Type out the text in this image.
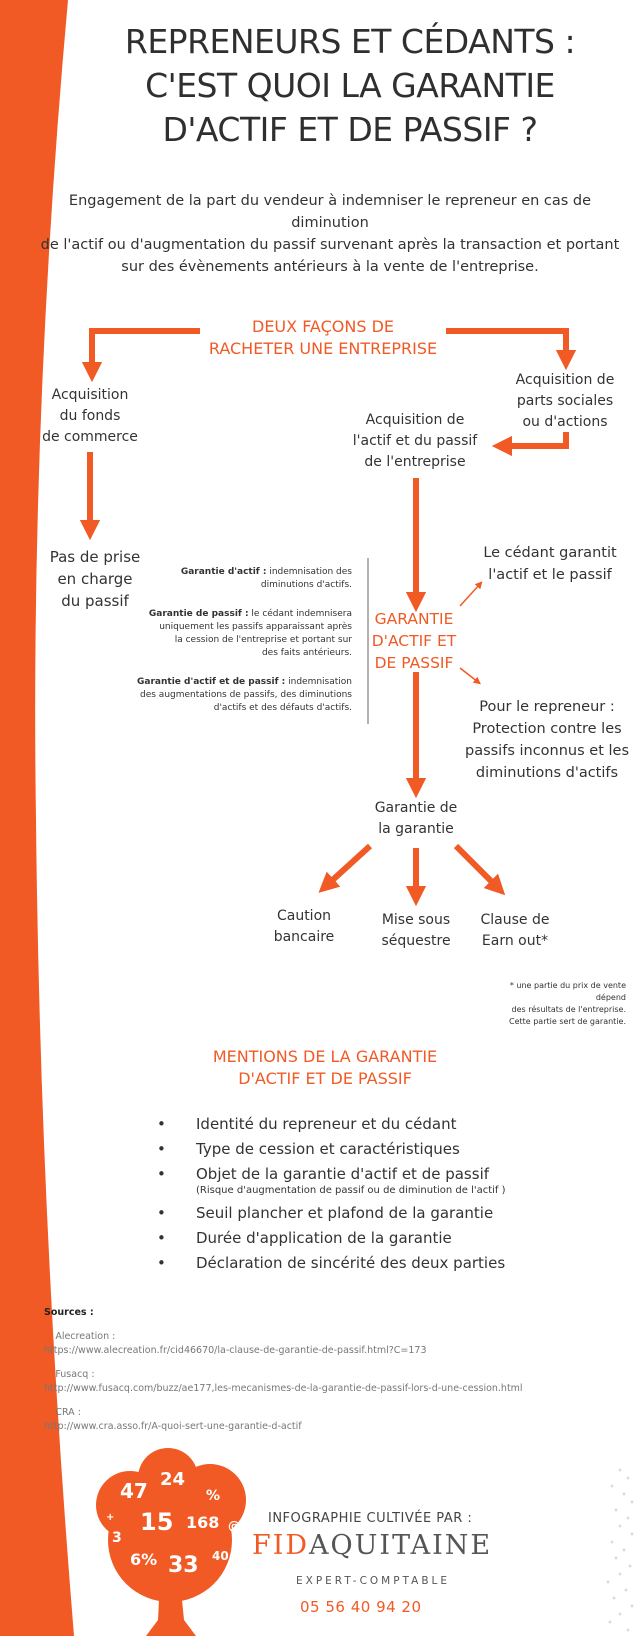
47 24
%
15 168
3
6% 33 40
+
@
REPRENEURS ET CÉDANTS :
C'EST QUOI LA GARANTIE
D'ACTIF ET DE PASSIF ?
Engagement de la part du vendeur à indemniser le repreneur en cas de diminution
de l'actif ou d'augmentation du passif survenant après la transaction et portant
sur des évènements antérieurs à la vente de l'entreprise.
DEUX FAÇONS DE
RACHETER UNE ENTREPRISE
Acquisition
du fonds
de commerce
Acquisition de
parts sociales
ou d'actions
Acquisition de
l'actif et du passif
de l'entreprise
Pas de prise
en charge
du passif
Garantie d'actif : indemnisation des
diminutions d'actifs.
Garantie de passif : le cédant indemnisera
uniquement les passifs apparaissant après
la cession de l'entreprise et portant sur
des faits antérieurs.
Garantie d'actif et de passif : indemnisation
des augmentations de passifs, des diminutions
d'actifs et des défauts d'actifs.
GARANTIE
D'ACTIF ET
DE PASSIF
Le cédant garantit
l'actif et le passif
Pour le repreneur :
Protection contre les
passifs inconnus et les
diminutions d'actifs
Garantie de
la garantie
Caution
bancaire
Mise sous
séquestre
Clause de
Earn out*
* une partie du prix de vente dépend
des résultats de l'entreprise.
Cette partie sert de garantie.
MENTIONS DE LA GARANTIE
D'ACTIF ET DE PASSIF
•	Identité du repreneur et du cédant
•	Type de cession et caractéristiques
•	Objet de la garantie d'actif et de passif
(Risque d'augmentation de passif ou de diminution de l'actif )
•	Seuil plancher et plafond de la garantie
•	Durée d'application de la garantie
•	Déclaration de sincérité des deux parties
Sources :
● Alecreation :
https://www.alecreation.fr/cid46670/la-clause-de-garantie-de-passif.html?C=173
● Fusacq :
http://www.fusacq.com/buzz/ae177,les-mecanismes-de-la-garantie-de-passif-lors-d-une-cession.html
● CRA :
http://www.cra.asso.fr/A-quoi-sert-une-garantie-d-actif
INFOGRAPHIE CULTIVÉE PAR :
FIDAQUITAINE
EXPERT-COMPTABLE
05 56 40 94 20
